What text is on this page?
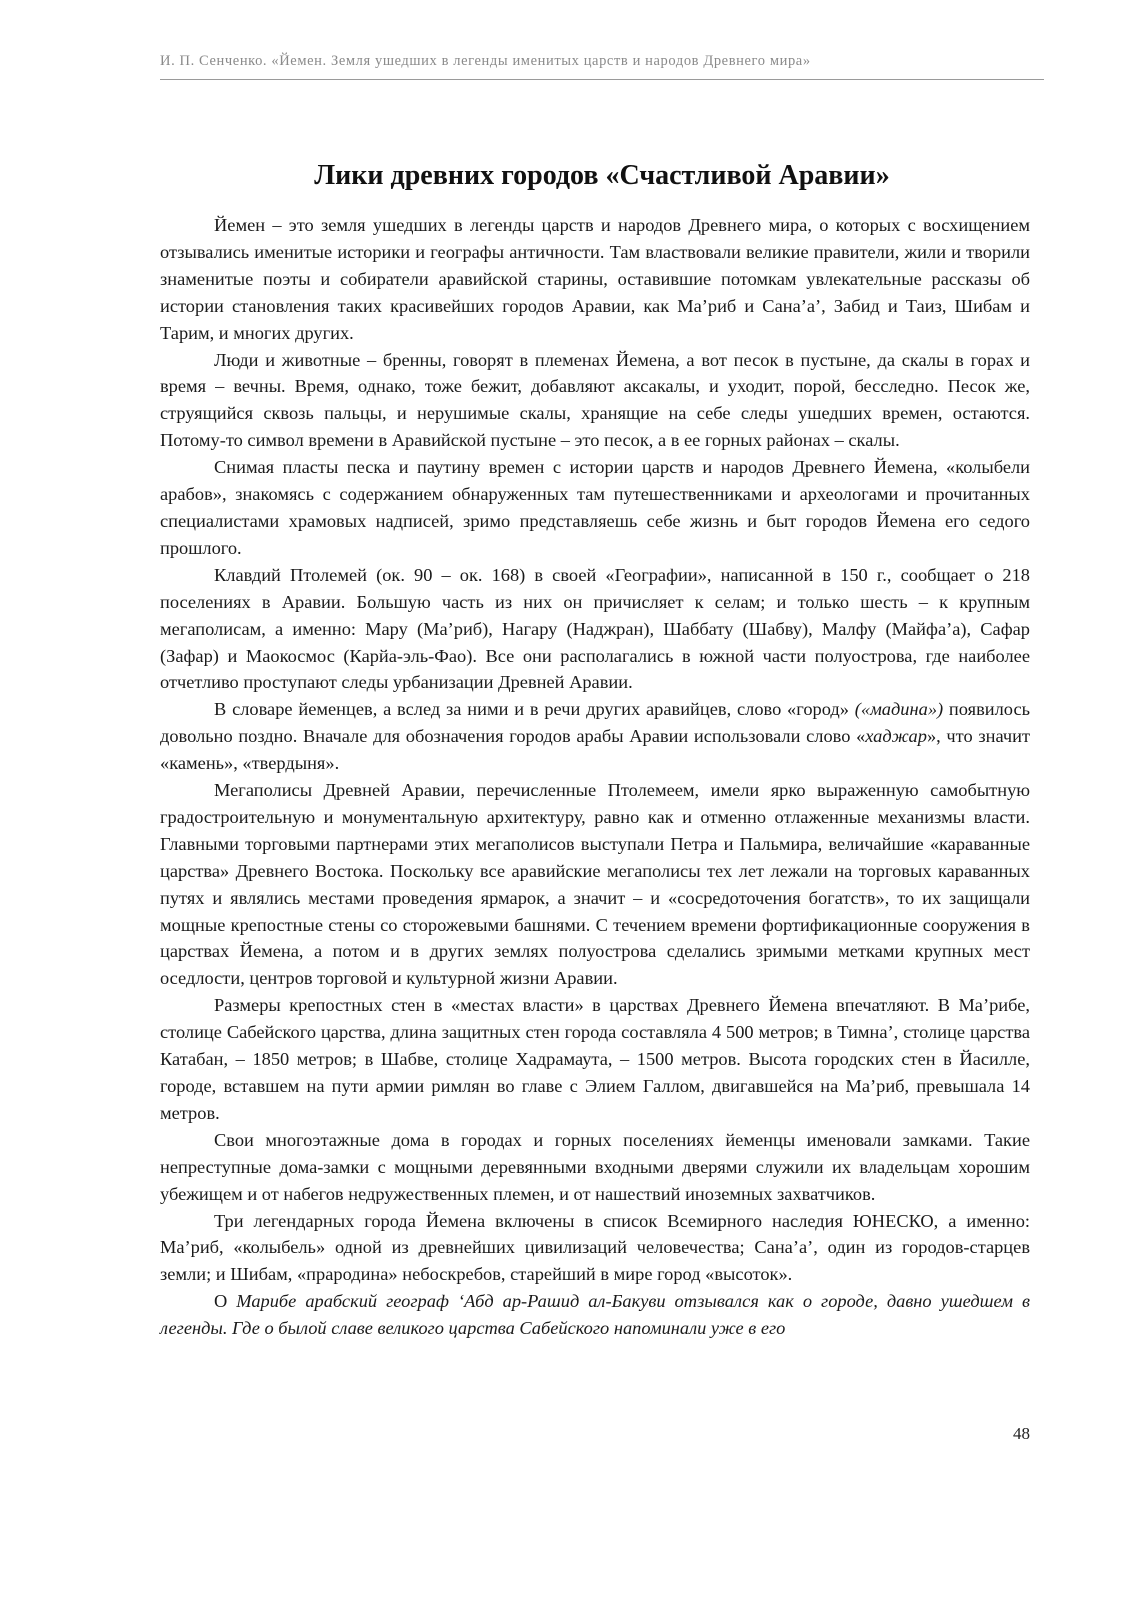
И. П. Сенченко. «Йемен. Земля ушедших в легенды именитых царств и народов Древнего мира»
Лики древних городов «Счастливой Аравии»

Йемен – это земля ушедших в легенды царств и народов Древнего мира, о которых с восхищением отзывались именитые историки и географы античности. Там властвовали великие правители, жили и творили знаменитые поэты и собиратели аравийской старины, оставившие потомкам увлекательные рассказы об истории становления таких красивейших городов Аравии, как Ма’риб и Сана’а’, Забид и Таиз, Шибам и Тарим, и многих других.

Люди и животные – бренны, говорят в племенах Йемена, а вот песок в пустыне, да скалы в горах и время – вечны. Время, однако, тоже бежит, добавляют аксакалы, и уходит, порой, бесследно. Песок же, струящийся сквозь пальцы, и нерушимые скалы, хранящие на себе следы ушедших времен, остаются. Потому-то символ времени в Аравийской пустыне – это песок, а в ее горных районах – скалы.

Снимая пласты песка и паутину времен с истории царств и народов Древнего Йемена, «колыбели арабов», знакомясь с содержанием обнаруженных там путешественниками и археологами и прочитанных специалистами храмовых надписей, зримо представляешь себе жизнь и быт городов Йемена его седого прошлого.

Клавдий Птолемей (ок. 90 – ок. 168) в своей «Географии», написанной в 150 г., сообщает о 218 поселениях в Аравии. Большую часть из них он причисляет к селам; и только шесть – к крупным мегаполисам, а именно: Мару (Ма’риб), Нагару (Наджран), Шаббату (Шабву), Малфу (Майфа’а), Сафар (Зафар) и Маокосмос (Карйа-эль-Фао). Все они располагались в южной части полуострова, где наиболее отчетливо проступают следы урбанизации Древней Аравии.

В словаре йеменцев, а вслед за ними и в речи других аравийцев, слово «город» («мадина») появилось довольно поздно. Вначале для обозначения городов арабы Аравии использовали слово «хаджар», что значит «камень», «твердыня».

Мегаполисы Древней Аравии, перечисленные Птолемеем, имели ярко выраженную самобытную градостроительную и монументальную архитектуру, равно как и отменно отлаженные механизмы власти. Главными торговыми партнерами этих мегаполисов выступали Петра и Пальмира, величайшие «караванные царства» Древнего Востока. Поскольку все аравийские мегаполисы тех лет лежали на торговых караванных путях и являлись местами проведения ярмарок, а значит – и «сосредоточения богатств», то их защищали мощные крепостные стены со сторожевыми башнями. С течением времени фортификационные сооружения в царствах Йемена, а потом и в других землях полуострова сделались зримыми метками крупных мест оседлости, центров торговой и культурной жизни Аравии.

Размеры крепостных стен в «местах власти» в царствах Древнего Йемена впечатляют. В Ма’рибе, столице Сабейского царства, длина защитных стен города составляла 4 500 метров; в Тимна’, столице царства Катабан, – 1850 метров; в Шабве, столице Хадрамаута, – 1500 метров. Высота городских стен в Йасилле, городе, вставшем на пути армии римлян во главе с Элием Галлом, двигавшейся на Ма’риб, превышала 14 метров.

Свои многоэтажные дома в городах и горных поселениях йеменцы именовали замками. Такие непреступные дома-замки с мощными деревянными входными дверями служили их владельцам хорошим убежищем и от набегов недружественных племен, и от нашествий иноземных захватчиков.

Три легендарных города Йемена включены в список Всемирного наследия ЮНЕСКО, а именно: Ма’риб, «колыбель» одной из древнейших цивилизаций человечества; Сана’а’, один из городов-старцев земли; и Шибам, «прародина» небоскребов, старейший в мире город «высоток».

О Марибе арабский географ ‘Абд ар-Рашид ал-Бакуви отзывался как о городе, давно ушедшем в легенды. Где о былой славе великого царства Сабейского напоминали уже в его

48
